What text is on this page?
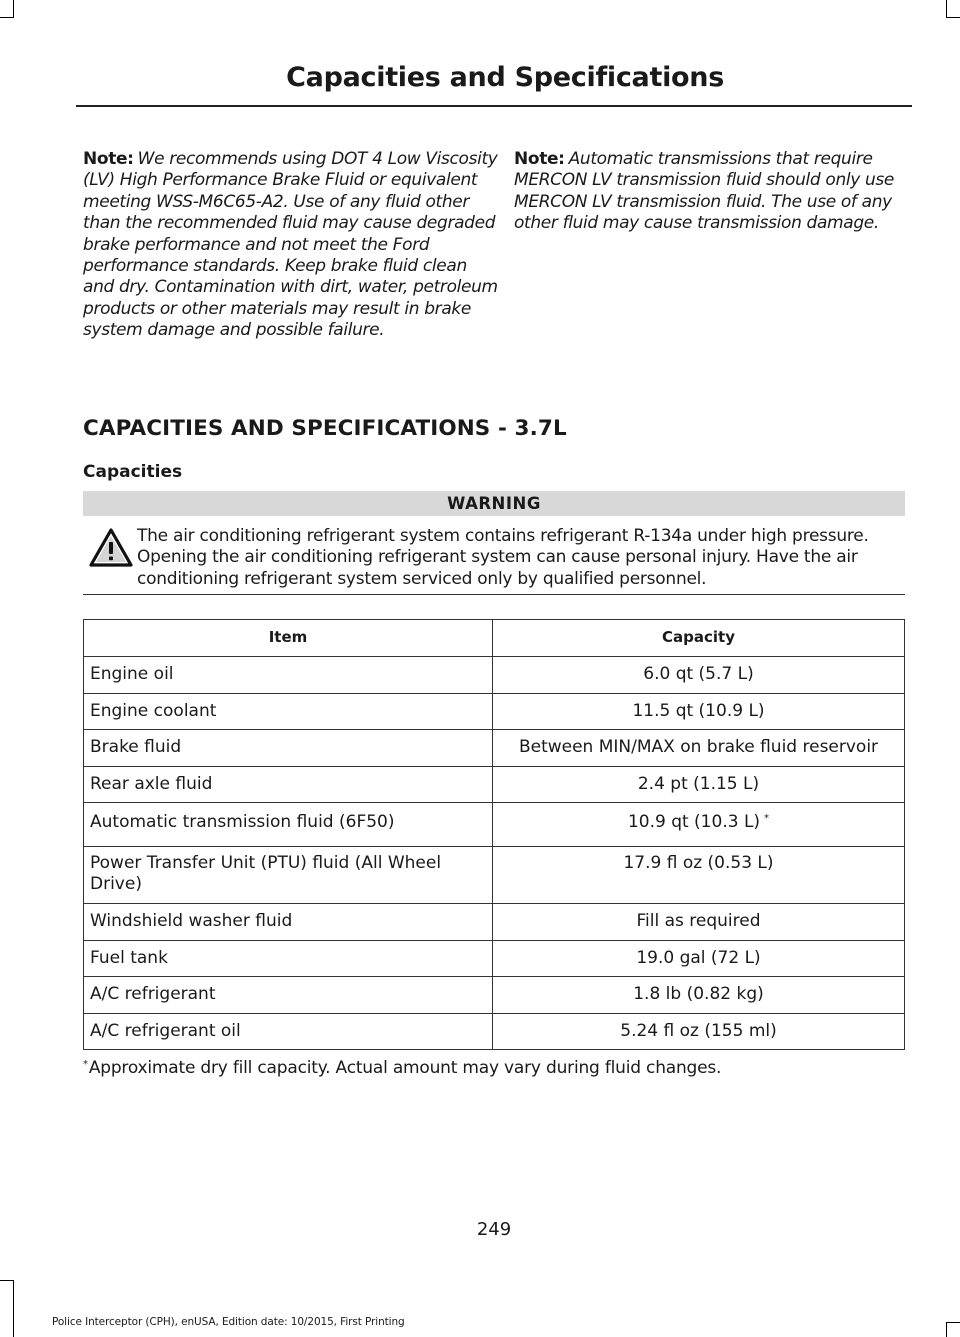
Capacities and Specifications
Note: We recommends using DOT 4 Low Viscosity (LV) High Performance Brake Fluid or equivalent meeting WSS-M6C65-A2. Use of any fluid other than the recommended fluid may cause degraded brake performance and not meet the Ford performance standards. Keep brake fluid clean and dry. Contamination with dirt, water, petroleum products or other materials may result in brake system damage and possible failure.
Note: Automatic transmissions that require MERCON LV transmission fluid should only use MERCON LV transmission fluid. The use of any other fluid may cause transmission damage.
CAPACITIES AND SPECIFICATIONS - 3.7L
Capacities
WARNING
The air conditioning refrigerant system contains refrigerant R-134a under high pressure. Opening the air conditioning refrigerant system can cause personal injury. Have the air conditioning refrigerant system serviced only by qualified personnel.
Item	Capacity
Engine oil	6.0 qt (5.7 L)
Engine coolant	11.5 qt (10.9 L)
Brake fluid	Between MIN/MAX on brake fluid reservoir
Rear axle fluid	2.4 pt (1.15 L)
Automatic transmission fluid (6F50)	10.9 qt (10.3 L) *
Power Transfer Unit (PTU) fluid (All Wheel Drive)	17.9 fl oz (0.53 L)
Windshield washer fluid	Fill as required
Fuel tank	19.0 gal (72 L)
A/C refrigerant	1.8 lb (0.82 kg)
A/C refrigerant oil	5.24 fl oz (155 ml)
*Approximate dry fill capacity. Actual amount may vary during fluid changes.
249
Police Interceptor (CPH), enUSA, Edition date: 10/2015, First Printing
